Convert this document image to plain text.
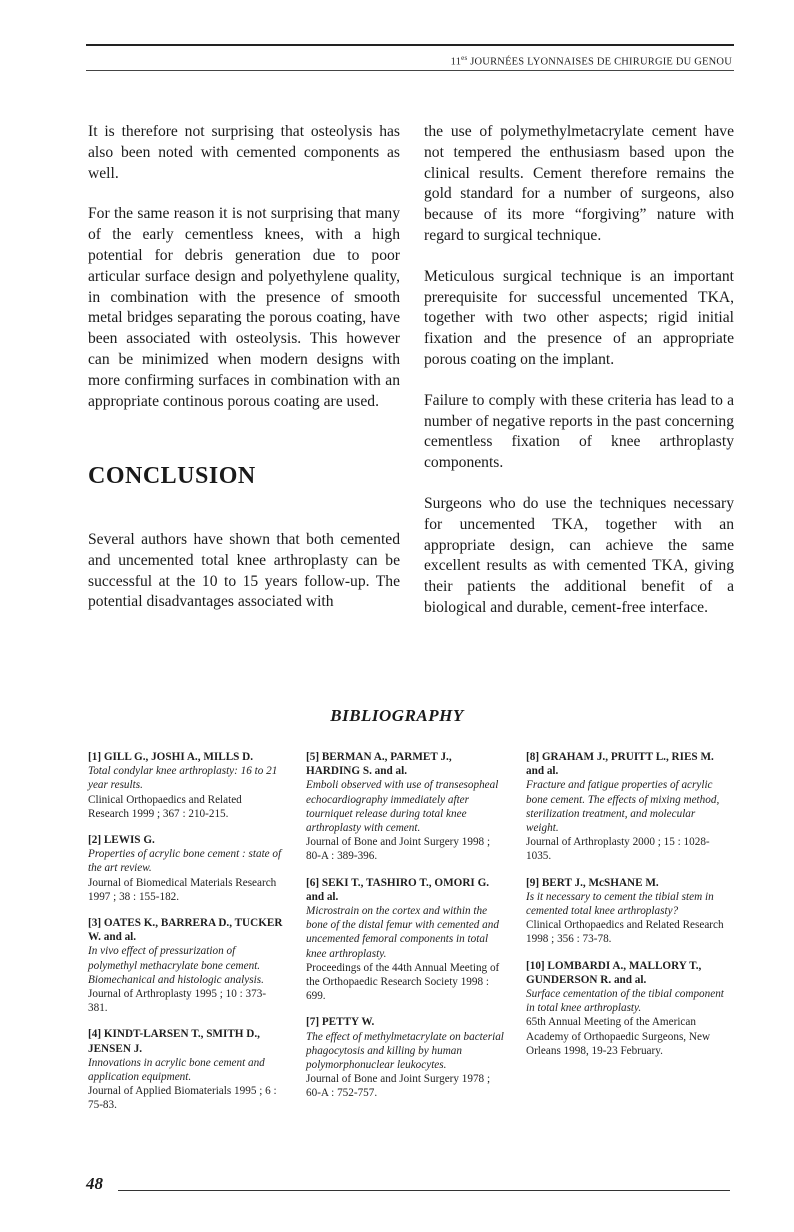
$11^{es}$ JOURNÉES LYONNAISES DE CHIRURGIE DU GENOU

It is therefore not surprising that osteolysis has also been noted with cemented components as well.

For the same reason it is not surprising that many of the early cementless knees, with a high potential for debris generation due to poor articular surface design and polyethylene quality, in combination with the presence of smooth metal bridges separating the porous coating, have been associated with osteolysis. This however can be minimized when modern designs with more confirming surfaces in combination with an appropriate continous porous coating are used.

CONCLUSION

Several authors have shown that both cemented and uncemented total knee arthroplasty can be successful at the 10 to 15 years follow-up. The potential disadvantages associated with

the use of polymethylmetacrylate cement have not tempered the enthusiasm based upon the clinical results. Cement therefore remains the gold standard for a number of surgeons, also because of its more “forgiving” nature with regard to surgical technique.

Meticulous surgical technique is an important prerequisite for successful uncemented TKA, together with two other aspects; rigid initial fixation and the presence of an appropriate porous coating on the implant.

Failure to comply with these criteria has lead to a number of negative reports in the past concerning cementless fixation of knee arthroplasty components.

Surgeons who do use the techniques necessary for uncemented TKA, together with an appropriate design, can achieve the same excellent results as with cemented TKA, giving their patients the additional benefit of a biological and durable, cement-free interface.

BIBLIOGRAPHY
[1] GILL G., JOSHI A., MILLS D.
Total condylar knee arthroplasty: 16 to 21 year results.
Clinical Orthopaedics and Related Research 1999 ; 367 : 210-215.
[2] LEWIS G.
Properties of acrylic bone cement : state of the art review.
Journal of Biomedical Materials Research 1997 ; 38 : 155-182.
[3] OATES K., BARRERA D., TUCKER W. and al.
In vivo effect of pressurization of polymethyl methacrylate bone cement. Biomechanical and histologic analysis.
Journal of Arthroplasty 1995 ; 10 : 373-381.
[4] KINDT-LARSEN T., SMITH D., JENSEN J.
Innovations in acrylic bone cement and application equipment.
Journal of Applied Biomaterials 1995 ; 6 : 75-83.
[5] BERMAN A., PARMET J., HARDING S. and al.
Emboli observed with use of transesopheal echocardiography immediately after tourniquet release during total knee arthroplasty with cement.
Journal of Bone and Joint Surgery 1998 ; 80-A : 389-396.
[6] SEKI T., TASHIRO T., OMORI G. and al.
Microstrain on the cortex and within the bone of the distal femur with cemented and uncemented femoral components in total knee arthroplasty.
Proceedings of the 44th Annual Meeting of the Orthopaedic Research Society 1998 : 699.
[7] PETTY W.
The effect of methylmetacrylate on bacterial phagocytosis and killing by human polymorphonuclear leukocytes.
Journal of Bone and Joint Surgery 1978 ; 60-A : 752-757.
[8] GRAHAM J., PRUITT L., RIES M. and al.
Fracture and fatigue properties of acrylic bone cement. The effects of mixing method, sterilization treatment, and molecular weight.
Journal of Arthroplasty 2000 ; 15 : 1028-1035.
[9] BERT J., McSHANE M.
Is it necessary to cement the tibial stem in cemented total knee arthroplasty?
Clinical Orthopaedics and Related Research 1998 ; 356 : 73-78.
[10] LOMBARDI A., MALLORY T., GUNDERSON R. and al.
Surface cementation of the tibial component in total knee arthroplasty.
65th Annual Meeting of the American Academy of Orthopaedic Surgeons, New Orleans 1998, 19-23 February.
48
